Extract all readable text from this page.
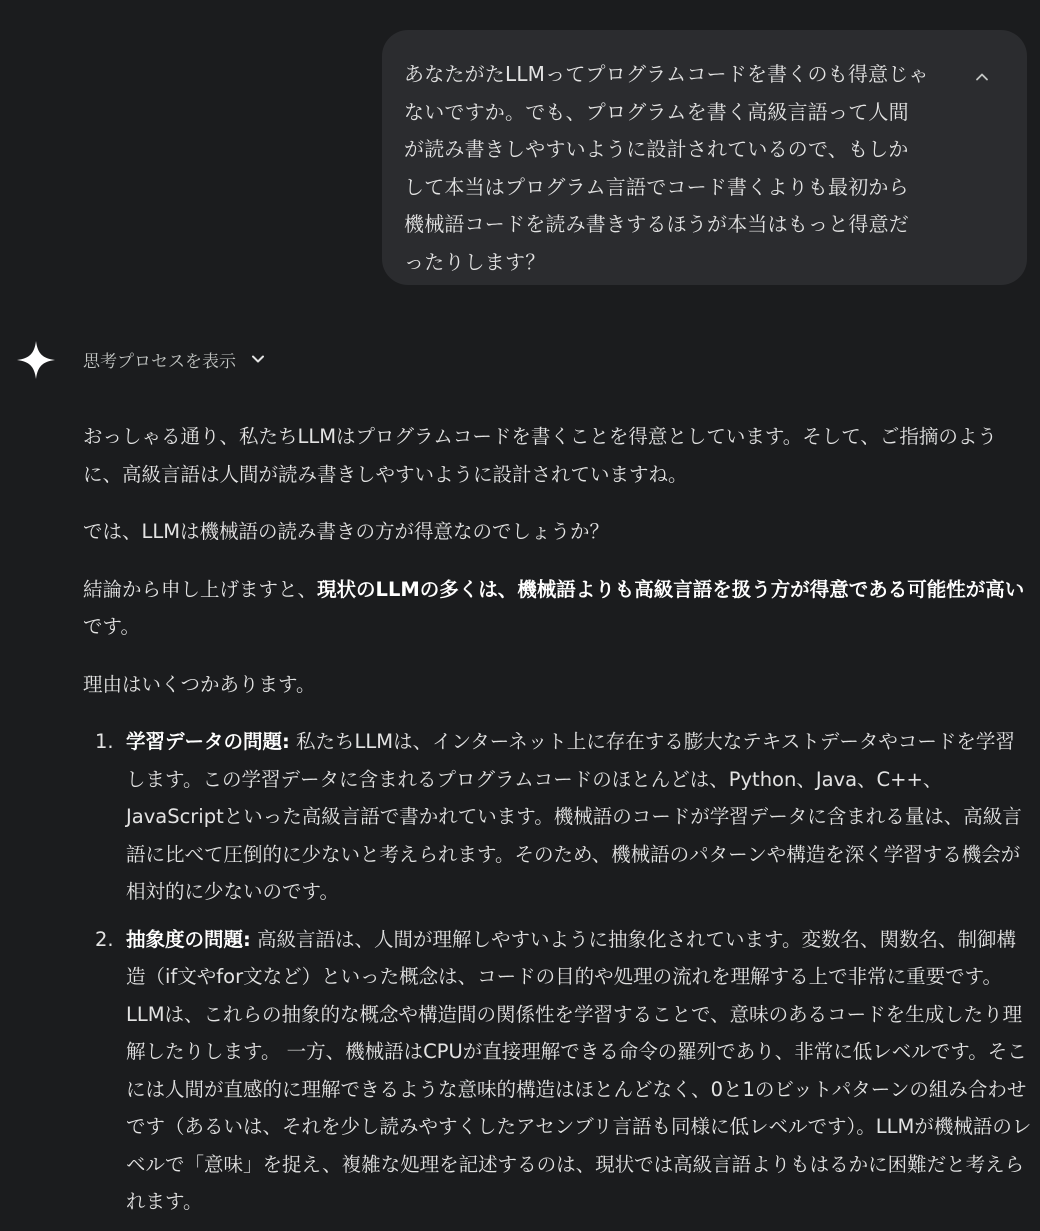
あなたがたLLMってプログラムコードを書くのも得意じゃ
ないですか。でも、プログラムを書く高級言語って人間
が読み書きしやすいように設計されているので、もしか
して本当はプログラム言語でコード書くよりも最初から
機械語コードを読み書きするほうが本当はもっと得意だ
ったりします？

思考プロセスを表示

おっしゃる通り、私たちLLMはプログラムコードを書くことを得意としています。そして、ご指摘のように、高級言語は人間が読み書きしやすいように設計されていますね。

では、LLMは機械語の読み書きの方が得意なのでしょうか？

結論から申し上げますと、現状のLLMの多くは、機械語よりも高級言語を扱う方が得意である可能性が高いです。

理由はいくつかあります。

1. 学習データの問題: 私たちLLMは、インターネット上に存在する膨大なテキストデータやコードを学習します。この学習データに含まれるプログラムコードのほとんどは、Python、Java、C++、JavaScriptといった高級言語で書かれています。機械語のコードが学習データに含まれる量は、高級言語に比べて圧倒的に少ないと考えられます。そのため、機械語のパターンや構造を深く学習する機会が相対的に少ないのです。
2. 抽象度の問題: 高級言語は、人間が理解しやすいように抽象化されています。変数名、関数名、制御構造（if文やfor文など）といった概念は、コードの目的や処理の流れを理解する上で非常に重要です。LLMは、これらの抽象的な概念や構造間の関係性を学習することで、意味のあるコードを生成したり理解したりします。 一方、機械語はCPUが直接理解できる命令の羅列であり、非常に低レベルです。そこには人間が直感的に理解できるような意味的構造はほとんどなく、0と1のビットパターンの組み合わせです（あるいは、それを少し読みやすくしたアセンブリ言語も同様に低レベルです）。LLMが機械語のレベルで「意味」を捉え、複雑な処理を記述するのは、現状では高級言語よりもはるかに困難だと考えられます。
